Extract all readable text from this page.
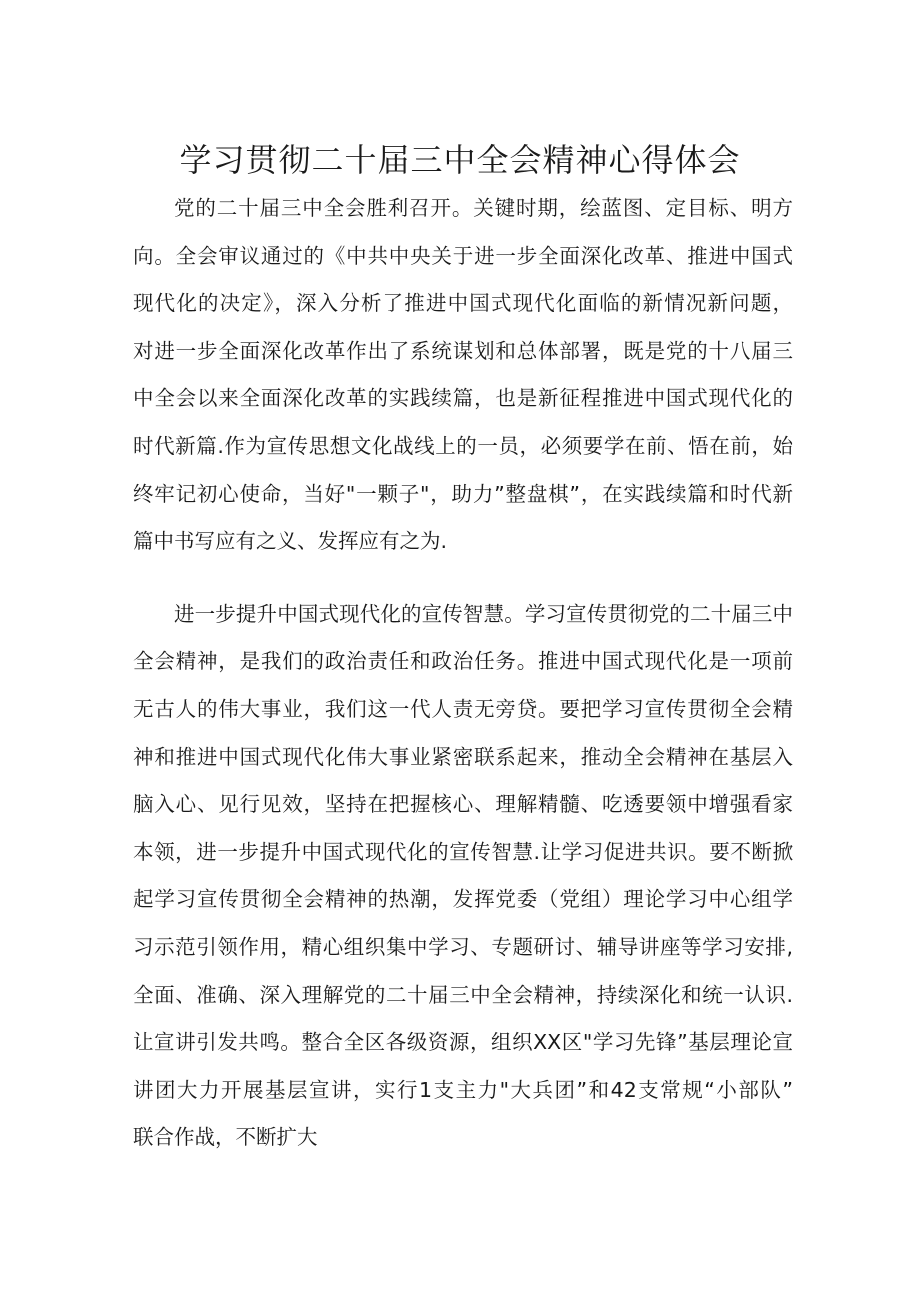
学习贯彻二十届三中全会精神心得体会
党的二十届三中全会胜利召开。关键时期，绘蓝图、定目标、明方
向。全会审议通过的《中共中央关于进一步全面深化改革、推进中国式
现代化的决定》，深入分析了推进中国式现代化面临的新情况新问题，
对进一步全面深化改革作出了系统谋划和总体部署，既是党的十八届三
中全会以来全面深化改革的实践续篇，也是新征程推进中国式现代化的
时代新篇.作为宣传思想文化战线上的一员，必须要学在前、悟在前，始
终牢记初心使命，当好"一颗子"，助力”整盘棋”，在实践续篇和时代新
篇中书写应有之义、发挥应有之为.
进一步提升中国式现代化的宣传智慧。学习宣传贯彻党的二十届三中
全会精神，是我们的政治责任和政治任务。推进中国式现代化是一项前
无古人的伟大事业，我们这一代人责无旁贷。要把学习宣传贯彻全会精
神和推进中国式现代化伟大事业紧密联系起来，推动全会精神在基层入
脑入心、见行见效，坚持在把握核心、理解精髓、吃透要领中增强看家
本领，进一步提升中国式现代化的宣传智慧.让学习促进共识。要不断掀
起学习宣传贯彻全会精神的热潮，发挥党委（党组）理论学习中心组学
习示范引领作用，精心组织集中学习、专题研讨、辅导讲座等学习安排,
全面、准确、深入理解党的二十届三中全会精神，持续深化和统一认识.
让宣讲引发共鸣。整合全区各级资源，组织XX区"学习先锋”基层理论宣
讲团大力开展基层宣讲，实行1支主力"大兵团”和42支常规“小部队”
联合作战，不断扩大
